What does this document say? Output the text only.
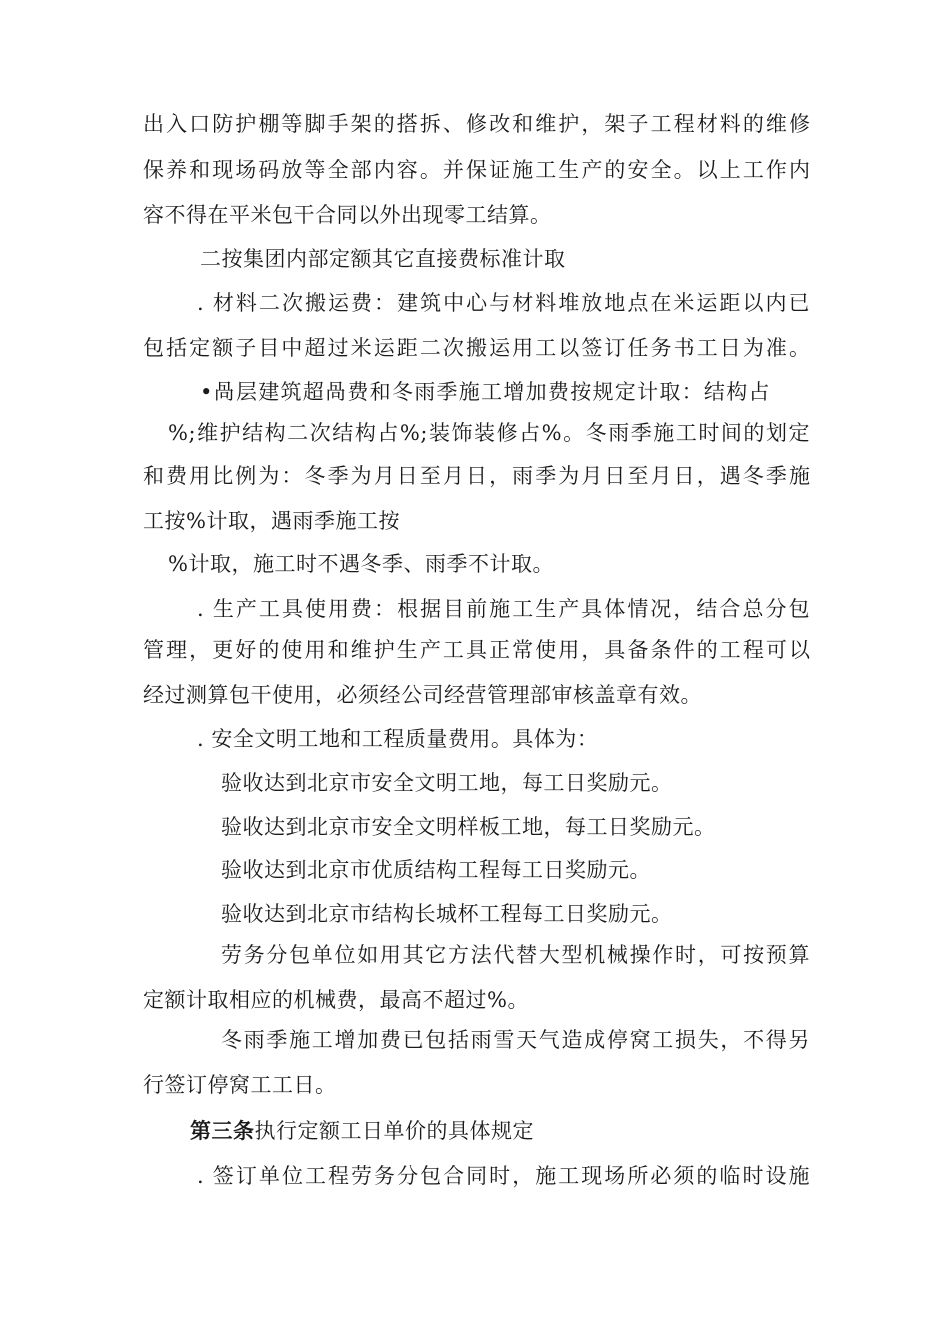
出入口防护棚等脚手架的搭拆、修改和维护，架子工程材料的维修
保养和现场码放等全部内容。并保证施工生产的安全。以上工作内
容不得在平米包干合同以外出现零工结算。
二按集团内部定额其它直接费标准计取
. 材料二次搬运费：建筑中心与材料堆放地点在米运距以内已
包括定额子目中超过米运距二次搬运用工以签订任务书工日为准。
•咼层建筑超咼费和冬雨季施工增加费按规定计取：结构占
%;维护结构二次结构占%;装饰装修占%。冬雨季施工时间的划定
和费用比例为：冬季为月日至月日，雨季为月日至月日，遇冬季施
工按%计取，遇雨季施工按
%计取，施工时不遇冬季、雨季不计取。
. 生产工具使用费：根据目前施工生产具体情况，结合总分包
管理，更好的使用和维护生产工具正常使用，具备条件的工程可以
经过测算包干使用，必须经公司经营管理部审核盖章有效。
. 安全文明工地和工程质量费用。具体为：
验收达到北京市安全文明工地，每工日奖励元。
验收达到北京市安全文明样板工地，每工日奖励元。
验收达到北京市优质结构工程每工日奖励元。
验收达到北京市结构长城杯工程每工日奖励元。
劳务分包单位如用其它方法代替大型机械操作时，可按预算
定额计取相应的机械费，最高不超过%。
冬雨季施工增加费已包括雨雪天气造成停窝工损失，不得另
行签订停窝工工日。
第三条执行定额工日单价的具体规定
. 签订单位工程劳务分包合同时，施工现场所必须的临时设施
